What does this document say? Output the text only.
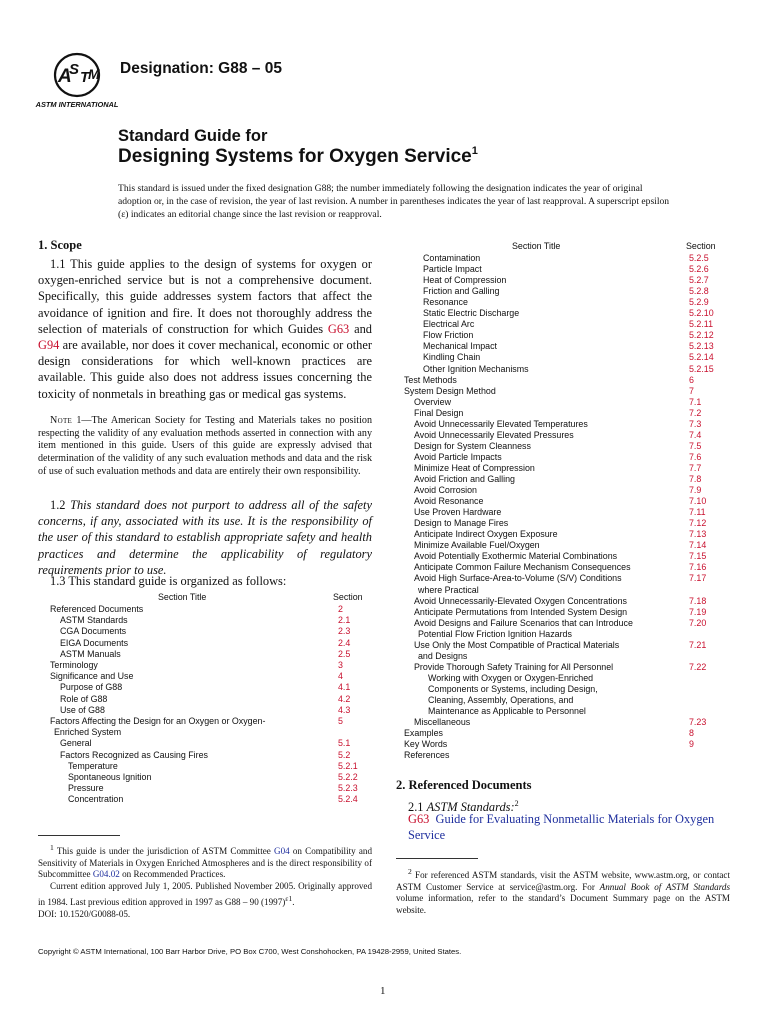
A
S T
M
ASTM INTERNATIONAL
Designation: G88 – 05
Standard Guide for
Designing Systems for Oxygen Service$^1$
This standard is issued under the fixed designation G88; the number immediately following the designation indicates the year of original adoption or, in the case of revision, the year of last revision. A number in parentheses indicates the year of last reapproval. A superscript epsilon (ε) indicates an editorial change since the last revision or reapproval.
1. Scope
1.1 This guide applies to the design of systems for oxygen or oxygen-enriched service but is not a comprehensive document. Specifically, this guide addresses system factors that affect the avoidance of ignition and fire. It does not thoroughly address the selection of materials of construction for which Guides G63 and G94 are available, nor does it cover mechanical, economic or other design considerations for which well-known practices are available. This guide also does not address issues concerning the toxicity of nonmetals in breathing gas or medical gas systems.
Note 1—The American Society for Testing and Materials takes no position respecting the validity of any evaluation methods asserted in connection with any item mentioned in this guide. Users of this guide are expressly advised that determination of the validity of any such evaluation methods and data and the risk of use of such evaluation methods and data are entirely their own responsibility.
1.2 This standard does not purport to address all of the safety concerns, if any, associated with its use. It is the responsibility of the user of this standard to establish appropriate safety and health practices and determine the applicability of regulatory requirements prior to use.
1.3 This standard guide is organized as follows:
Section Title	Section
Referenced Documents	2
ASTM Standards	2.1
CGA Documents	2.3
EIGA Documents	2.4
ASTM Manuals	2.5
Terminology	3
Significance and Use	4
Purpose of G88	4.1
Role of G88	4.2
Use of G88	4.3
Factors Affecting the Design for an Oxygen or Oxygen-	5
Enriched System
General	5.1
Factors Recognized as Causing Fires	5.2
Temperature	5.2.1
Spontaneous Ignition	5.2.2
Pressure	5.2.3
Concentration	5.2.4
$^1$ This guide is under the jurisdiction of ASTM Committee G04 on Compatibility and Sensitivity of Materials in Oxygen Enriched Atmospheres and is the direct responsibility of Subcommittee G04.02 on Recommended Practices.
Current edition approved July 1, 2005. Published November 2005. Originally approved in 1984. Last previous edition approved in 1997 as G88 – 90 $(1997)^{\varepsilon 1}$.
DOI: 10.1520/G0088-05.
Section Title	Section
Contamination	5.2.5
Particle Impact	5.2.6
Heat of Compression	5.2.7
Friction and Galling	5.2.8
Resonance	5.2.9
Static Electric Discharge	5.2.10
Electrical Arc	5.2.11
Flow Friction	5.2.12
Mechanical Impact	5.2.13
Kindling Chain	5.2.14
Other Ignition Mechanisms	5.2.15
Test Methods	6
System Design Method	7
Overview	7.1
Final Design	7.2
Avoid Unnecessarily Elevated Temperatures	7.3
Avoid Unnecessarily Elevated Pressures	7.4
Design for System Cleanness	7.5
Avoid Particle Impacts	7.6
Minimize Heat of Compression	7.7
Avoid Friction and Galling	7.8
Avoid Corrosion	7.9
Avoid Resonance	7.10
Use Proven Hardware	7.11
Design to Manage Fires	7.12
Anticipate Indirect Oxygen Exposure	7.13
Minimize Available Fuel/Oxygen	7.14
Avoid Potentially Exothermic Material Combinations	7.15
Anticipate Common Failure Mechanism Consequences	7.16
Avoid High Surface-Area-to-Volume (S/V) Conditions	7.17
where Practical
Avoid Unnecessarily-Elevated Oxygen Concentrations	7.18
Anticipate Permutations from Intended System Design	7.19
Avoid Designs and Failure Scenarios that can Introduce	7.20
Potential Flow Friction Ignition Hazards
Use Only the Most Compatible of Practical Materials	7.21
and Designs
Provide Thorough Safety Training for All Personnel	7.22
Working with Oxygen or Oxygen-Enriched
Components or Systems, including Design,
Cleaning, Assembly, Operations, and
Maintenance as Applicable to Personnel
Miscellaneous	7.23
Examples	8
Key Words	9
References
2. Referenced Documents
2.1 ASTM Standards:$^2$
G63 Guide for Evaluating Nonmetallic Materials for Oxygen Service
$^2$ For referenced ASTM standards, visit the ASTM website, www.astm.org, or contact ASTM Customer Service at service@astm.org. For Annual Book of ASTM Standards volume information, refer to the standard’s Document Summary page on the ASTM website.
Copyright © ASTM International, 100 Barr Harbor Drive, PO Box C700, West Conshohocken, PA 19428-2959, United States.
1
